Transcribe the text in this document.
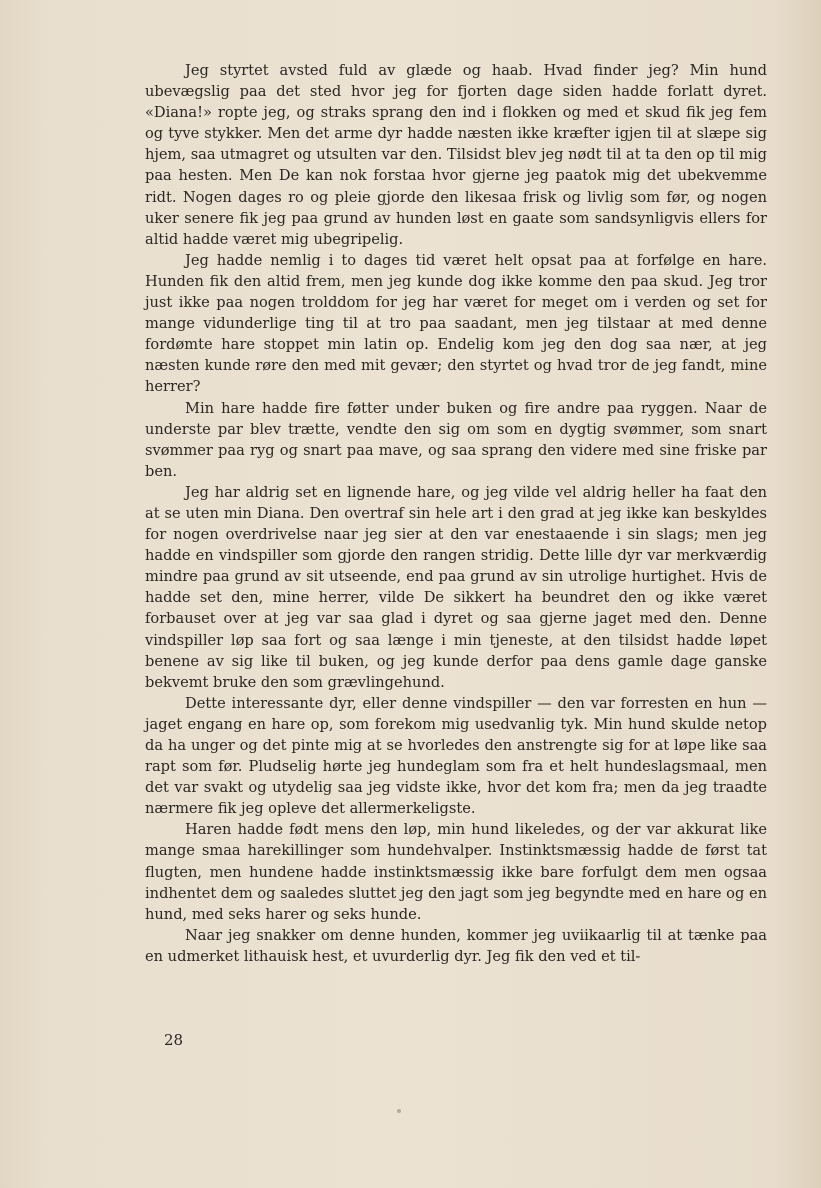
Jeg styrtet avsted fuld av glæde og haab. Hvad finder jeg? Min hund ubevægslig paa det sted hvor jeg for fjorten dage siden hadde forlatt dyret. «Diana!» ropte jeg, og straks sprang den ind i flokken og med et skud fik jeg fem og tyve stykker. Men det arme dyr hadde næsten ikke kræfter igjen til at slæpe sig hjem, saa utmagret og utsulten var den. Tilsidst blev jeg nødt til at ta den op til mig paa hesten. Men De kan nok forstaa hvor gjerne jeg paatok mig det ubekvemme ridt. Nogen dages ro og pleie gjorde den likesaa frisk og livlig som før, og nogen uker senere fik jeg paa grund av hunden løst en gaate som sandsynligvis ellers for altid hadde været mig ubegripelig.

Jeg hadde nemlig i to dages tid været helt opsat paa at forfølge en hare. Hunden fik den altid frem, men jeg kunde dog ikke komme den paa skud. Jeg tror just ikke paa nogen trolddom for jeg har været for meget om i verden og set for mange vidunderlige ting til at tro paa saadant, men jeg tilstaar at med denne fordømte hare stoppet min latin op. Endelig kom jeg den dog saa nær, at jeg næsten kunde røre den med mit gevær; den styrtet og hvad tror de jeg fandt, mine herrer?

Min hare hadde fire føtter under buken og fire andre paa ryggen. Naar de underste par blev trætte, vendte den sig om som en dygtig svømmer, som snart svømmer paa ryg og snart paa mave, og saa sprang den videre med sine friske par ben.

Jeg har aldrig set en lignende hare, og jeg vilde vel aldrig heller ha faat den at se uten min Diana. Den overtraf sin hele art i den grad at jeg ikke kan beskyldes for nogen overdrivelse naar jeg sier at den var enestaaende i sin slags; men jeg hadde en vindspiller som gjorde den rangen stridig. Dette lille dyr var merkværdig mindre paa grund av sit utseende, end paa grund av sin utrolige hurtighet. Hvis de hadde set den, mine herrer, vilde De sikkert ha beundret den og ikke været forbauset over at jeg var saa glad i dyret og saa gjerne jaget med den. Denne vindspiller løp saa fort og saa længe i min tjeneste, at den tilsidst hadde løpet benene av sig like til buken, og jeg kunde derfor paa dens gamle dage ganske bekvemt bruke den som grævlingehund.

Dette interessante dyr, eller denne vindspiller — den var forresten en hun — jaget engang en hare op, som forekom mig usedvanlig tyk. Min hund skulde netop da ha unger og det pinte mig at se hvorledes den anstrengte sig for at løpe like saa rapt som før. Pludselig hørte jeg hundeglam som fra et helt hundeslagsmaal, men det var svakt og utydelig saa jeg vidste ikke, hvor det kom fra; men da jeg traadte nærmere fik jeg opleve det allermerkeligste.

Haren hadde født mens den løp, min hund likeledes, og der var akkurat like mange smaa harekillinger som hundehvalper. Instinktsmæssig hadde de først tat flugten, men hundene hadde instinktsmæssig ikke bare forfulgt dem men ogsaa indhentet dem og saaledes sluttet jeg den jagt som jeg begyndte med en hare og en hund, med seks harer og seks hunde.

Naar jeg snakker om denne hunden, kommer jeg uviikaarlig til at tænke paa en udmerket lithauisk hest, et uvurderlig dyr. Jeg fik den ved et til-

28
